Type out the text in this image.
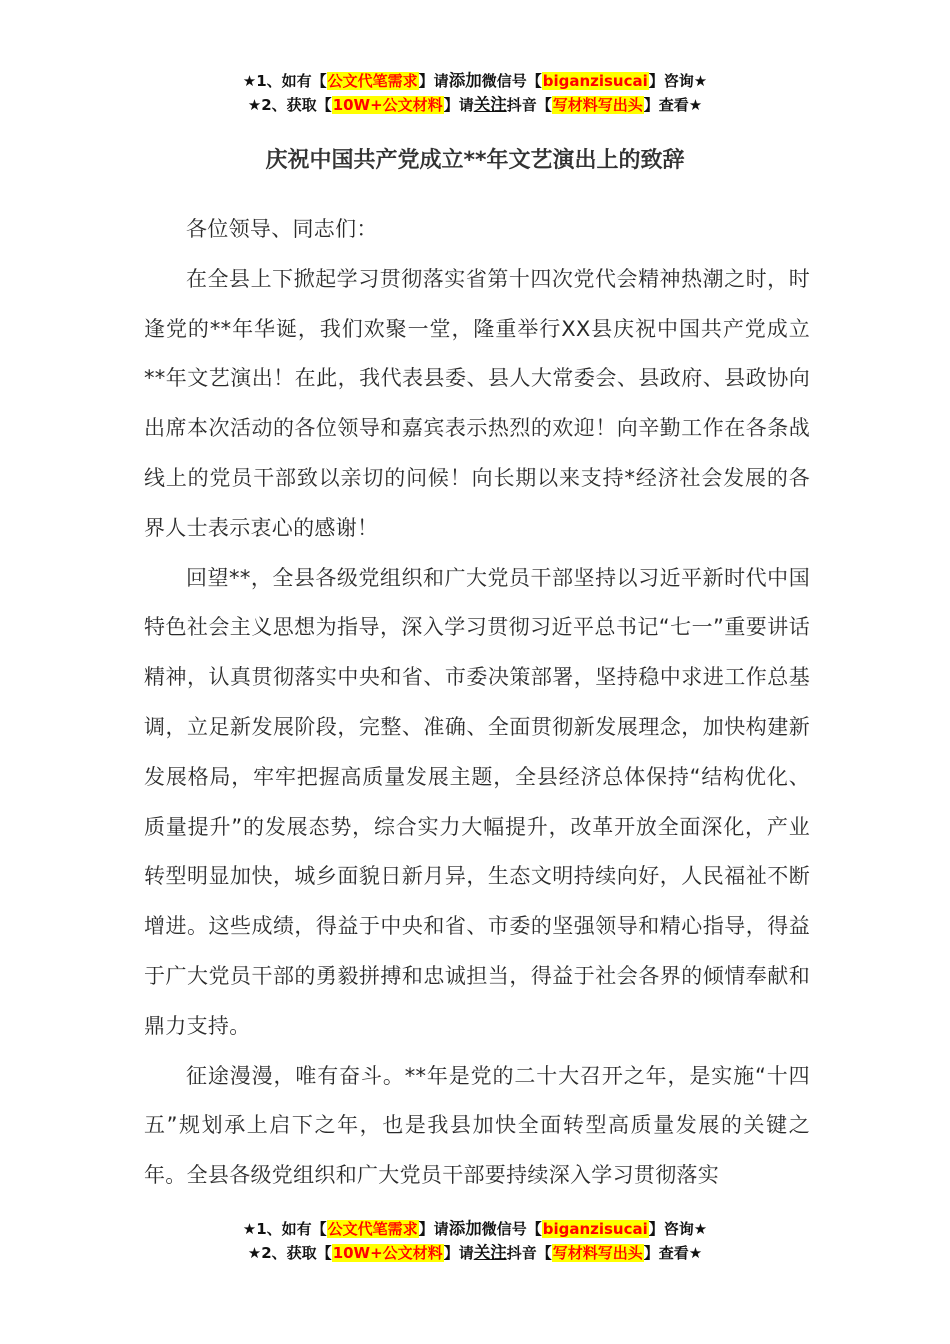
★1、如有【公文代笔需求】请添加微信号【biganzisucai】咨询★
★2、获取【10W+公文材料】请关注抖音【写材料写出头】查看★
庆祝中国共产党成立**年文艺演出上的致辞

各位领导、同志们：

在全县上下掀起学习贯彻落实省第十四次党代会精神热潮之时，时逢党的**年华诞，我们欢聚一堂，隆重举行XX县庆祝中国共产党成立**年文艺演出！在此，我代表县委、县人大常委会、县政府、县政协向出席本次活动的各位领导和嘉宾表示热烈的欢迎！向辛勤工作在各条战线上的党员干部致以亲切的问候！向长期以来支持*经济社会发展的各界人士表示衷心的感谢！

回望**，全县各级党组织和广大党员干部坚持以习近平新时代中国特色社会主义思想为指导，深入学习贯彻习近平总书记“七一”重要讲话精神，认真贯彻落实中央和省、市委决策部署，坚持稳中求进工作总基调，立足新发展阶段，完整、准确、全面贯彻新发展理念，加快构建新发展格局，牢牢把握高质量发展主题，全县经济总体保持“结构优化、质量提升”的发展态势，综合实力大幅提升，改革开放全面深化，产业转型明显加快，城乡面貌日新月异，生态文明持续向好，人民福祉不断增进。这些成绩，得益于中央和省、市委的坚强领导和精心指导，得益于广大党员干部的勇毅拼搏和忠诚担当，得益于社会各界的倾情奉献和鼎力支持。

征途漫漫，唯有奋斗。**年是党的二十大召开之年，是实施“十四五”规划承上启下之年，也是我县加快全面转型高质量发展的关键之年。全县各级党组织和广大党员干部要持续深入学习贯彻落实

★1、如有【公文代笔需求】请添加微信号【biganzisucai】咨询★
★2、获取【10W+公文材料】请关注抖音【写材料写出头】查看★
